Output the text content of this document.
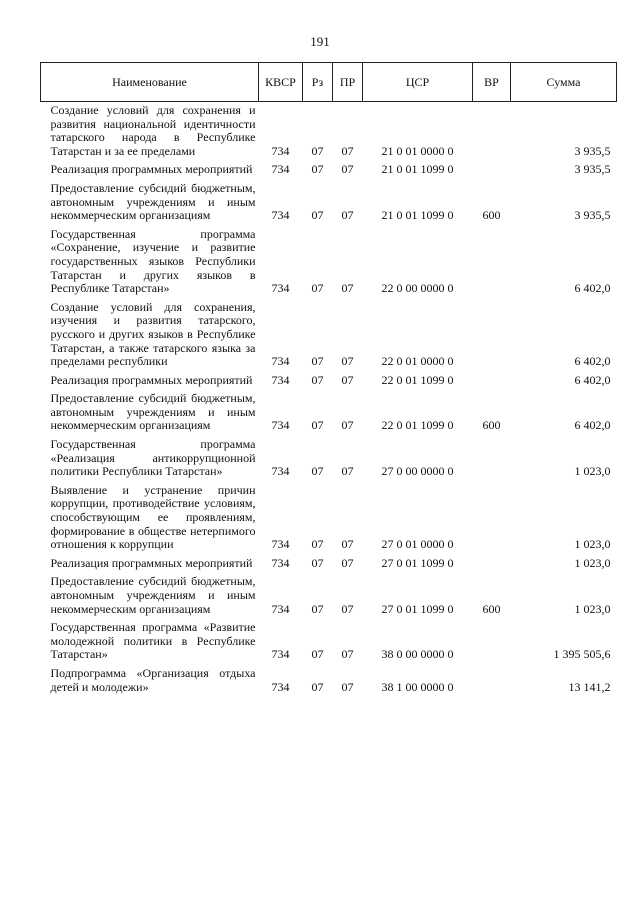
191
Наименование	КВСР	Рз	ПР	ЦСР	ВР	Сумма
Создание условий для сохранения и развития национальной идентичности татарского народа в Республике Татарстан и за ее пределами	734	07	07	21 0 01 0000 0		3 935,5
Реализация программных мероприятий	734	07	07	21 0 01 1099 0		3 935,5
Предоставление субсидий бюджетным, автономным учреждениям и иным некоммерческим организациям	734	07	07	21 0 01 1099 0	600	3 935,5
Государственная программа «Сохранение, изучение и развитие государственных языков Республики Татарстан и других языков в Республике Татарстан»	734	07	07	22 0 00 0000 0		6 402,0
Создание условий для сохранения, изучения и развития татарского, русского и других языков в Республике Татарстан, а также татарского языка за пределами республики	734	07	07	22 0 01 0000 0		6 402,0
Реализация программных мероприятий	734	07	07	22 0 01 1099 0		6 402,0
Предоставление субсидий бюджетным, автономным учреждениям и иным некоммерческим организациям	734	07	07	22 0 01 1099 0	600	6 402,0
Государственная программа «Реализация антикоррупционной политики Республики Татарстан»	734	07	07	27 0 00 0000 0		1 023,0
Выявление и устранение причин коррупции, противодействие условиям, способствующим ее проявлениям, формирование в обществе нетерпимого отношения к коррупции	734	07	07	27 0 01 0000 0		1 023,0
Реализация программных мероприятий	734	07	07	27 0 01 1099 0		1 023,0
Предоставление субсидий бюджетным, автономным учреждениям и иным некоммерческим организациям	734	07	07	27 0 01 1099 0	600	1 023,0
Государственная программа «Развитие молодежной политики в Республике Татарстан»	734	07	07	38 0 00 0000 0		1 395 505,6
Подпрограмма «Организация отдыха детей и молодежи»	734	07	07	38 1 00 0000 0		13 141,2
